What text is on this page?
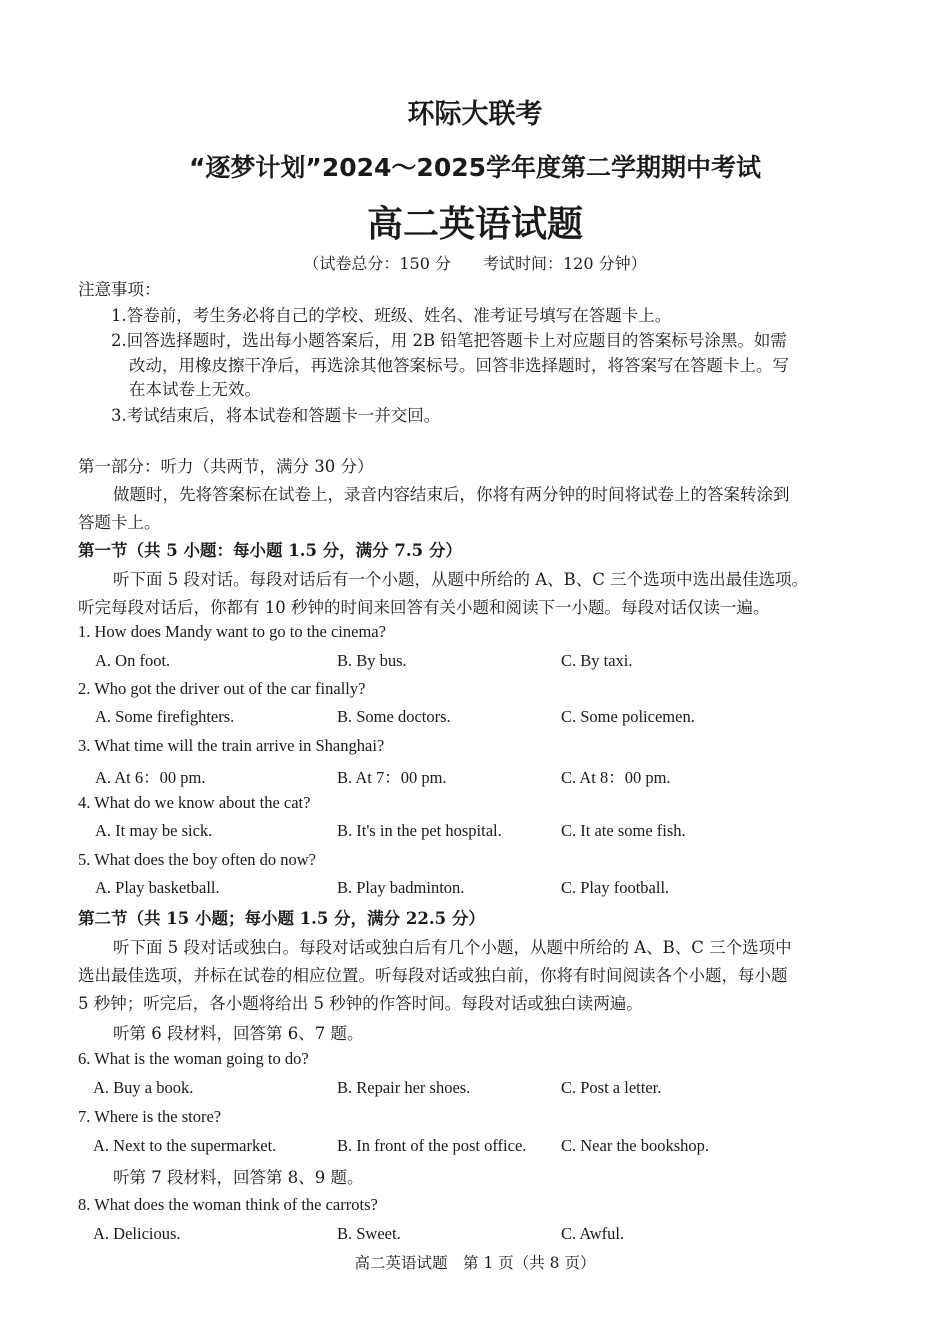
环际大联考
“逐梦计划”2024～2025学年度第二学期期中考试
高二英语试题
（试卷总分：150 分　　考试时间：120 分钟）
注意事项：
1.答卷前，考生务必将自己的学校、班级、姓名、准考证号填写在答题卡上。
2.回答选择题时，选出每小题答案后，用 2B 铅笔把答题卡上对应题目的答案标号涂黑。如需
改动，用橡皮擦干净后，再选涂其他答案标号。回答非选择题时，将答案写在答题卡上。写
在本试卷上无效。
3.考试结束后，将本试卷和答题卡一并交回。
第一部分：听力（共两节，满分 30 分）
做题时，先将答案标在试卷上，录音内容结束后，你将有两分钟的时间将试卷上的答案转涂到
答题卡上。
第一节（共 5 小题：每小题 1.5 分，满分 7.5 分）
听下面 5 段对话。每段对话后有一个小题，从题中所给的 A、B、C 三个选项中选出最佳选项。
听完每段对话后，你都有 10 秒钟的时间来回答有关小题和阅读下一小题。每段对话仅读一遍。
1. How does Mandy want to go to the cinema?
A. On foot.	B. By bus.	C. By taxi.
2. Who got the driver out of the car finally?
A. Some firefighters.	B. Some doctors.	C. Some policemen.
3. What time will the train arrive in Shanghai?
A. At 6：00 pm.	B. At 7：00 pm.	C. At 8：00 pm.
4. What do we know about the cat?
A. It may be sick.	B. It's in the pet hospital.	C. It ate some fish.
5. What does the boy often do now?
A. Play basketball.	B. Play badminton.	C. Play football.
第二节（共 15 小题；每小题 1.5 分，满分 22.5 分）
听下面 5 段对话或独白。每段对话或独白后有几个小题，从题中所给的 A、B、C 三个选项中
选出最佳选项，并标在试卷的相应位置。听每段对话或独白前，你将有时间阅读各个小题，每小题
5 秒钟；听完后，各小题将给出 5 秒钟的作答时间。每段对话或独白读两遍。
听第 6 段材料，回答第 6、7 题。
6. What is the woman going to do?
A. Buy a book.	B. Repair her shoes.	C. Post a letter.
7. Where is the store?
A. Next to the supermarket.	B. In front of the post office. C. Near the bookshop.
听第 7 段材料，回答第 8、9 题。
8. What does the woman think of the carrots?
A. Delicious.	B. Sweet.	C. Awful.
高二英语试题　第 1 页（共 8 页）
